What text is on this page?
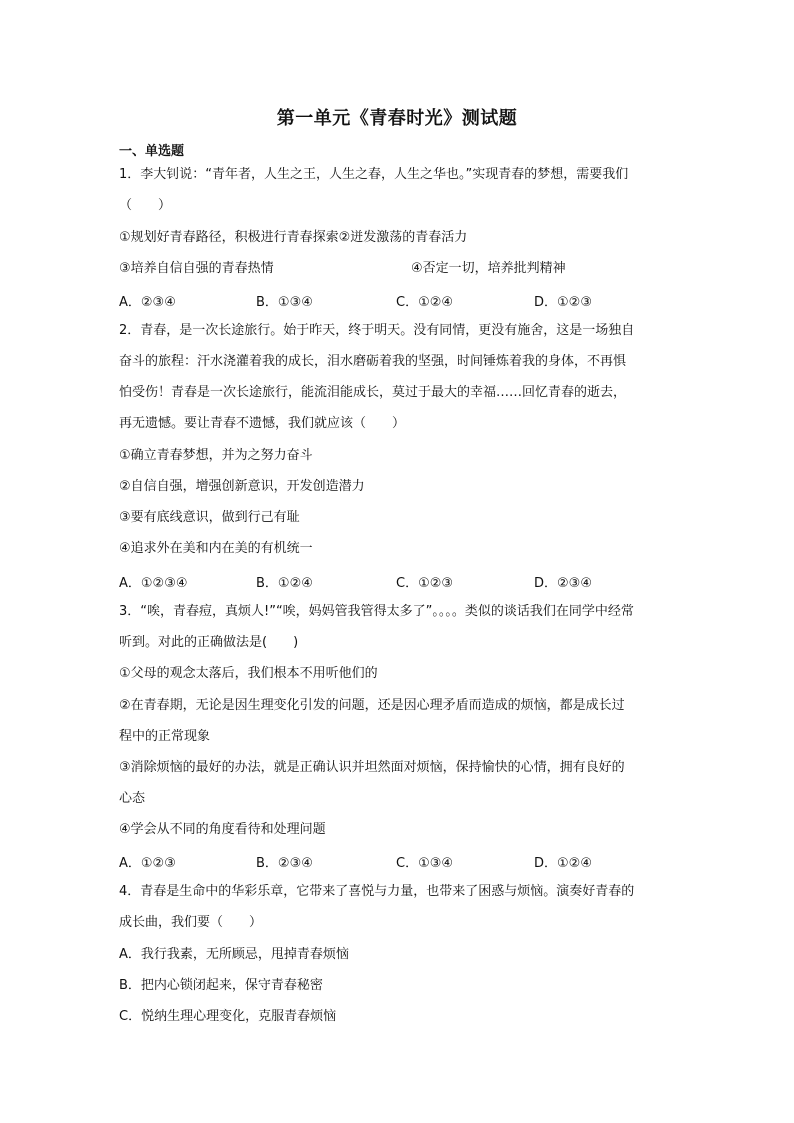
第一单元《青春时光》测试题
一、单选题
1．李大钊说：“青年者，人生之王，人生之春，人生之华也。”实现青春的梦想，需要我们
（　　）
①规划好青春路径，积极进行青春探索②迸发激荡的青春活力
③培养自信自强的青春热情	④否定一切，培养批判精神
A．②③④	B．①③④	C．①②④	D．①②③
2．青春，是一次长途旅行。始于昨天，终于明天。没有同情，更没有施舍，这是一场独自
奋斗的旅程：汗水浇灌着我的成长，泪水磨砺着我的坚强，时间锤炼着我的身体，不再惧
怕受伤！青春是一次长途旅行，能流泪能成长，莫过于最大的幸福……回忆青春的逝去，
再无遗憾。要让青春不遗憾，我们就应该（　　）
①确立青春梦想，并为之努力奋斗
②自信自强，增强创新意识，开发创造潜力
③要有底线意识，做到行己有耻
④追求外在美和内在美的有机统一
A．①②③④	B．①②④	C．①②③	D．②③④
3．“唉，青春痘，真烦人!”“唉，妈妈管我管得太多了”。。。。类似的谈话我们在同学中经常
听到。对此的正确做法是(　　)
①父母的观念太落后，我们根本不用听他们的
②在青春期，无论是因生理变化引发的问题，还是因心理矛盾而造成的烦恼，都是成长过
程中的正常现象
③消除烦恼的最好的办法，就是正确认识并坦然面对烦恼，保持愉快的心情，拥有良好的
心态
④学会从不同的角度看待和处理问题
A．①②③	B．②③④	C．①③④	D．①②④
4．青春是生命中的华彩乐章，它带来了喜悦与力量，也带来了困惑与烦恼。演奏好青春的
成长曲，我们要（　　）
A．我行我素，无所顾忌，甩掉青春烦恼
B．把内心锁闭起来，保守青春秘密
C．悦纳生理心理变化，克服青春烦恼
